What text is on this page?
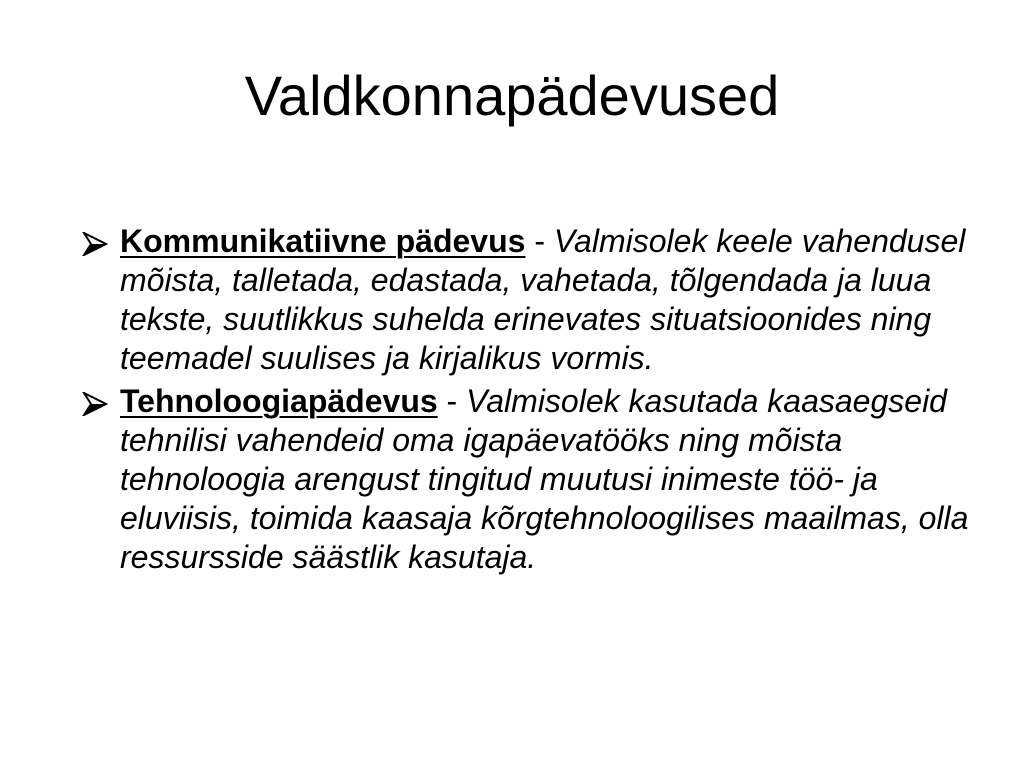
Valdkonnapädevused
Kommunikatiivne pädevus - Valmisolek keele vahendusel mõista, talletada, edastada, vahetada, tõlgendada ja luua tekste, suutlikkus suhelda erinevates situatsioonides ning teemadel suulises ja kirjalikus vormis.
Tehnoloogiapädevus - Valmisolek kasutada kaasaegseid tehnilisi vahendeid oma igapäevatööks ning mõista tehnoloogia arengust tingitud muutusi inimeste töö- ja eluviisis, toimida kaasaja kõrgtehnoloogilises maailmas, olla ressursside säästlik kasutaja.
